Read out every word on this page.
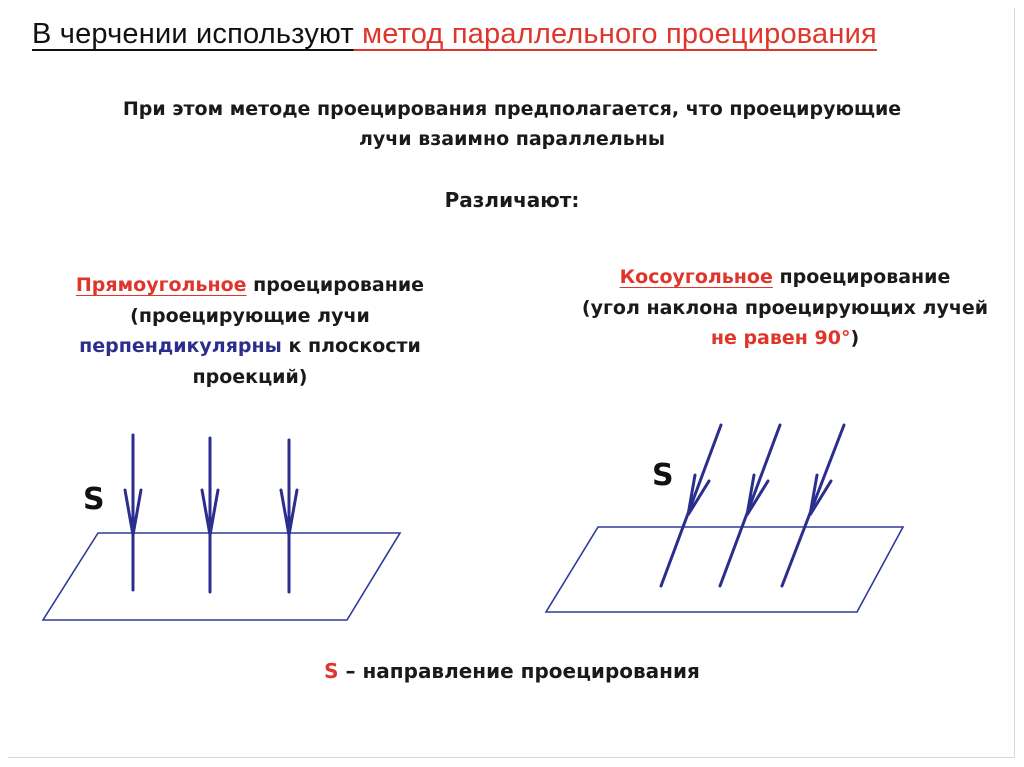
В черчении используют метод параллельного проецирования
При этом методе проецирования предполагается, что проецирующие
лучи взаимно параллельны
Различают:
Прямоугольное проецирование
(проецирующие лучи
перпендикулярны к плоскости
проекций)
Косоугольное проецирование
(угол наклона проецирующих лучей
не равен 90°)
S
S
S – направление проецирования
